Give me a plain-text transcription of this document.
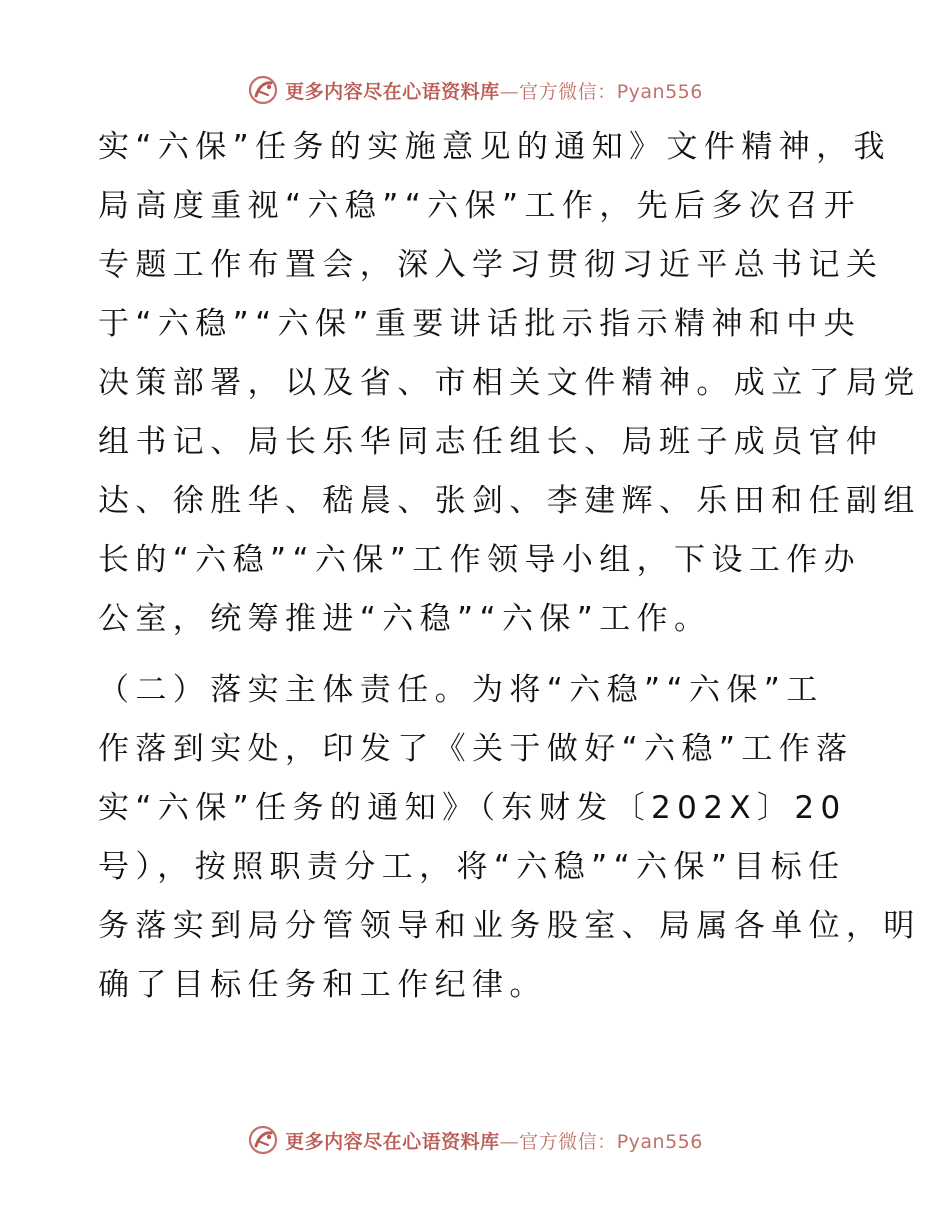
更多内容尽在心语资料库—官方微信：Pyan556

实“六保”任务的实施意见的通知》文件精神，我
局高度重视“六稳”“六保”工作，先后多次召开
专题工作布置会，深入学习贯彻习近平总书记关
于“六稳”“六保”重要讲话批示指示精神和中央
决策部署，以及省、市相关文件精神。成立了局党
组书记、局长乐华同志任组长、局班子成员官仲
达、徐胜华、嵇晨、张剑、李建辉、乐田和任副组
长的“六稳”“六保”工作领导小组，下设工作办
公室，统筹推进“六稳”“六保”工作。

（二）落实主体责任。为将“六稳”“六保”工
作落到实处，印发了《关于做好“六稳”工作落
实“六保”任务的通知》（东财发〔202X〕20
号），按照职责分工，将“六稳”“六保”目标任
务落实到局分管领导和业务股室、局属各单位，明
确了目标任务和工作纪律。

更多内容尽在心语资料库—官方微信：Pyan556
